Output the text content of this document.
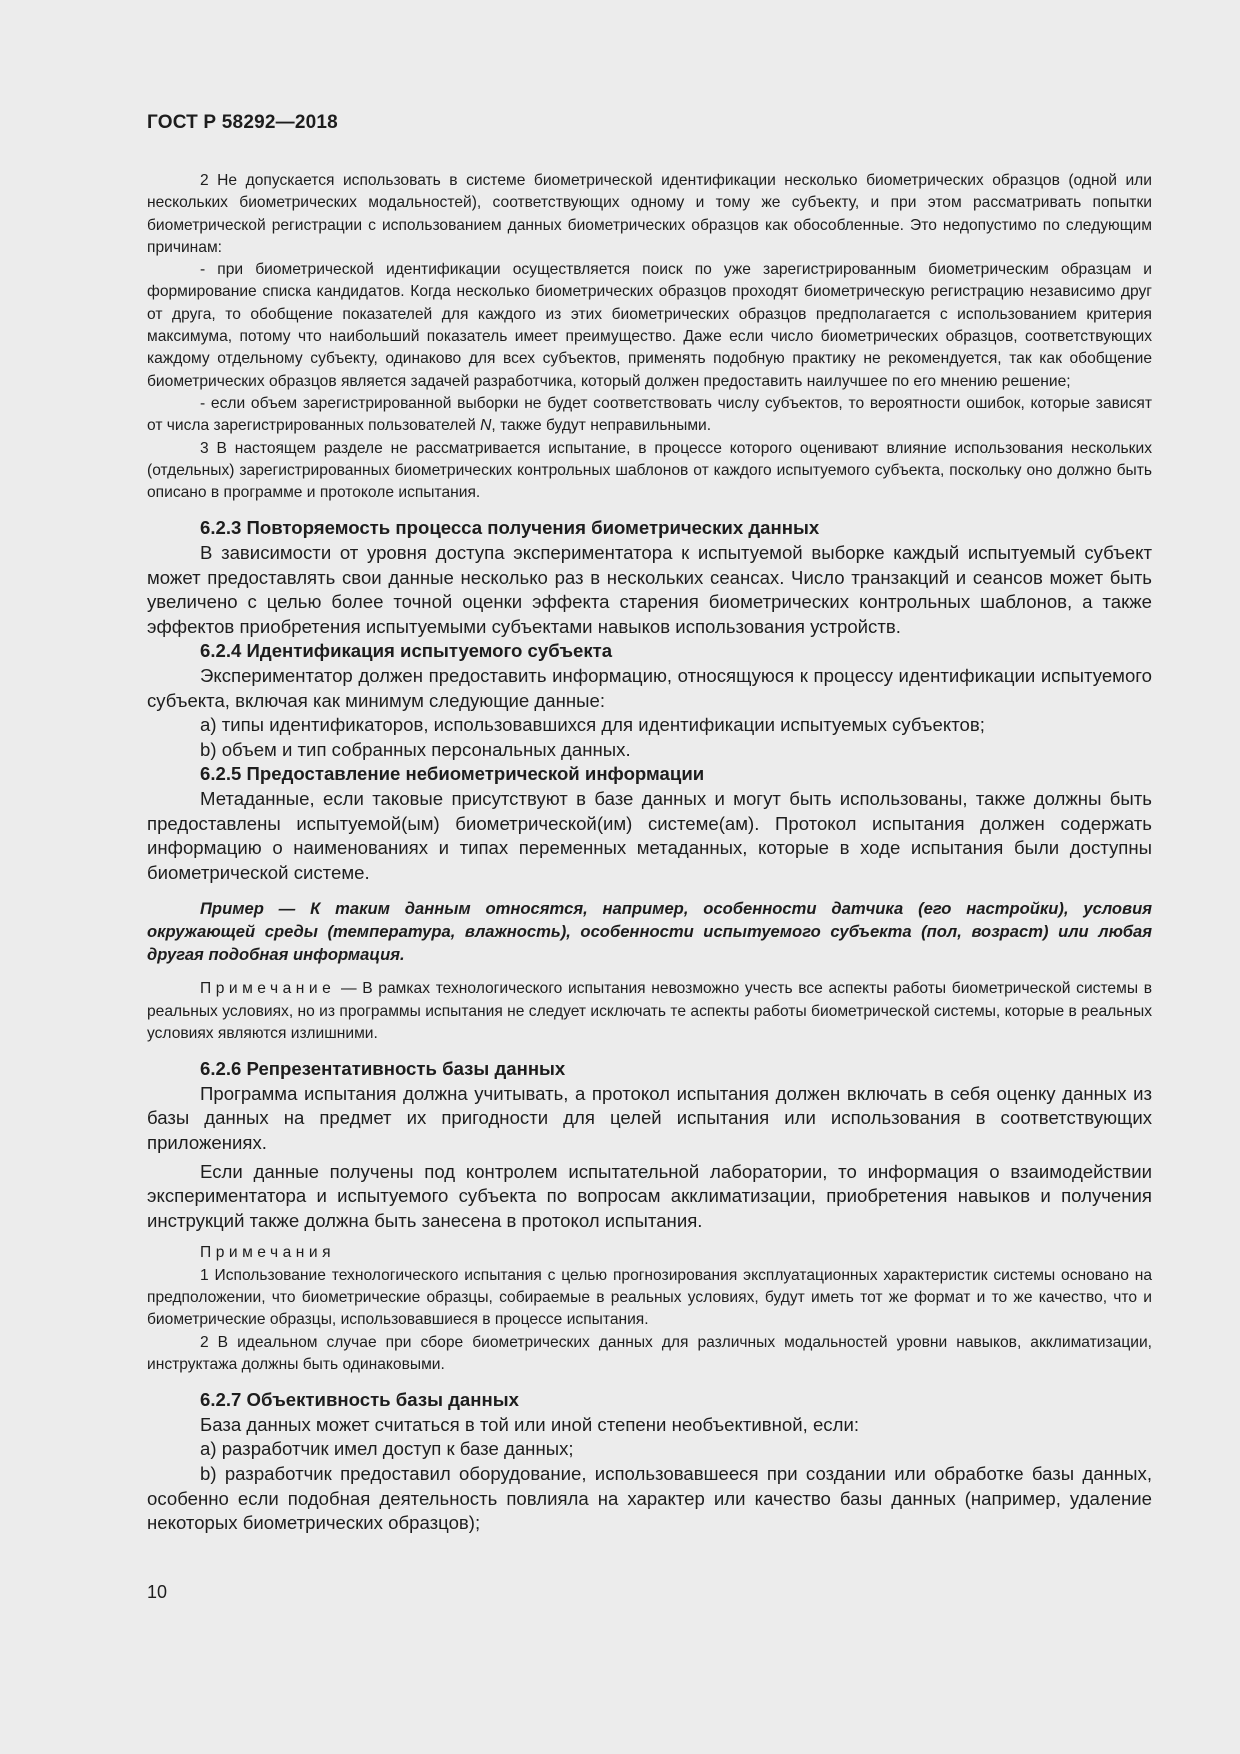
ГОСТ Р 58292—2018

2 Не допускается использовать в системе биометрической идентификации несколько биометрических образцов (одной или нескольких биометрических модальностей), соответствующих одному и тому же субъекту, и при этом рассматривать попытки биометрической регистрации с использованием данных биометрических образцов как обособленные. Это недопустимо по следующим причинам:

- при биометрической идентификации осуществляется поиск по уже зарегистрированным биометрическим образцам и формирование списка кандидатов. Когда несколько биометрических образцов проходят биометрическую регистрацию независимо друг от друга, то обобщение показателей для каждого из этих биометрических образцов предполагается с использованием критерия максимума, потому что наибольший показатель имеет преимущество. Даже если число биометрических образцов, соответствующих каждому отдельному субъекту, одинаково для всех субъектов, применять подобную практику не рекомендуется, так как обобщение биометрических образцов является задачей разработчика, который должен предоставить наилучшее по его мнению решение;

- если объем зарегистрированной выборки не будет соответствовать числу субъектов, то вероятности ошибок, которые зависят от числа зарегистрированных пользователей N, также будут неправильными.

3 В настоящем разделе не рассматривается испытание, в процессе которого оценивают влияние использования нескольких (отдельных) зарегистрированных биометрических контрольных шаблонов от каждого испытуемого субъекта, поскольку оно должно быть описано в программе и протоколе испытания.

6.2.3 Повторяемость процесса получения биометрических данных

В зависимости от уровня доступа экспериментатора к испытуемой выборке каждый испытуемый субъект может предоставлять свои данные несколько раз в нескольких сеансах. Число транзакций и сеансов может быть увеличено с целью более точной оценки эффекта старения биометрических контрольных шаблонов, а также эффектов приобретения испытуемыми субъектами навыков использования устройств.

6.2.4 Идентификация испытуемого субъекта

Экспериментатор должен предоставить информацию, относящуюся к процессу идентификации испытуемого субъекта, включая как минимум следующие данные:

a) типы идентификаторов, использовавшихся для идентификации испытуемых субъектов;

b) объем и тип собранных персональных данных.

6.2.5 Предоставление небиометрической информации

Метаданные, если таковые присутствуют в базе данных и могут быть использованы, также должны быть предоставлены испытуемой(ым) биометрической(им) системе(ам). Протокол испытания должен содержать информацию о наименованиях и типах переменных метаданных, которые в ходе испытания были доступны биометрической системе.

Пример — К таким данным относятся, например, особенности датчика (его настройки), условия окружающей среды (температура, влажность), особенности испытуемого субъекта (пол, возраст) или любая другая подобная информация.

Примечание — В рамках технологического испытания невозможно учесть все аспекты работы биометрической системы в реальных условиях, но из программы испытания не следует исключать те аспекты работы биометрической системы, которые в реальных условиях являются излишними.

6.2.6 Репрезентативность базы данных

Программа испытания должна учитывать, а протокол испытания должен включать в себя оценку данных из базы данных на предмет их пригодности для целей испытания или использования в соответствующих приложениях.

Если данные получены под контролем испытательной лаборатории, то информация о взаимодействии экспериментатора и испытуемого субъекта по вопросам акклиматизации, приобретения навыков и получения инструкций также должна быть занесена в протокол испытания.

Примечания

1 Использование технологического испытания с целью прогнозирования эксплуатационных характеристик системы основано на предположении, что биометрические образцы, собираемые в реальных условиях, будут иметь тот же формат и то же качество, что и биометрические образцы, использовавшиеся в процессе испытания.

2 В идеальном случае при сборе биометрических данных для различных модальностей уровни навыков, акклиматизации, инструктажа должны быть одинаковыми.

6.2.7 Объективность базы данных

База данных может считаться в той или иной степени необъективной, если:

a) разработчик имел доступ к базе данных;

b) разработчик предоставил оборудование, использовавшееся при создании или обработке базы данных, особенно если подобная деятельность повлияла на характер или качество базы данных (например, удаление некоторых биометрических образцов);

10
